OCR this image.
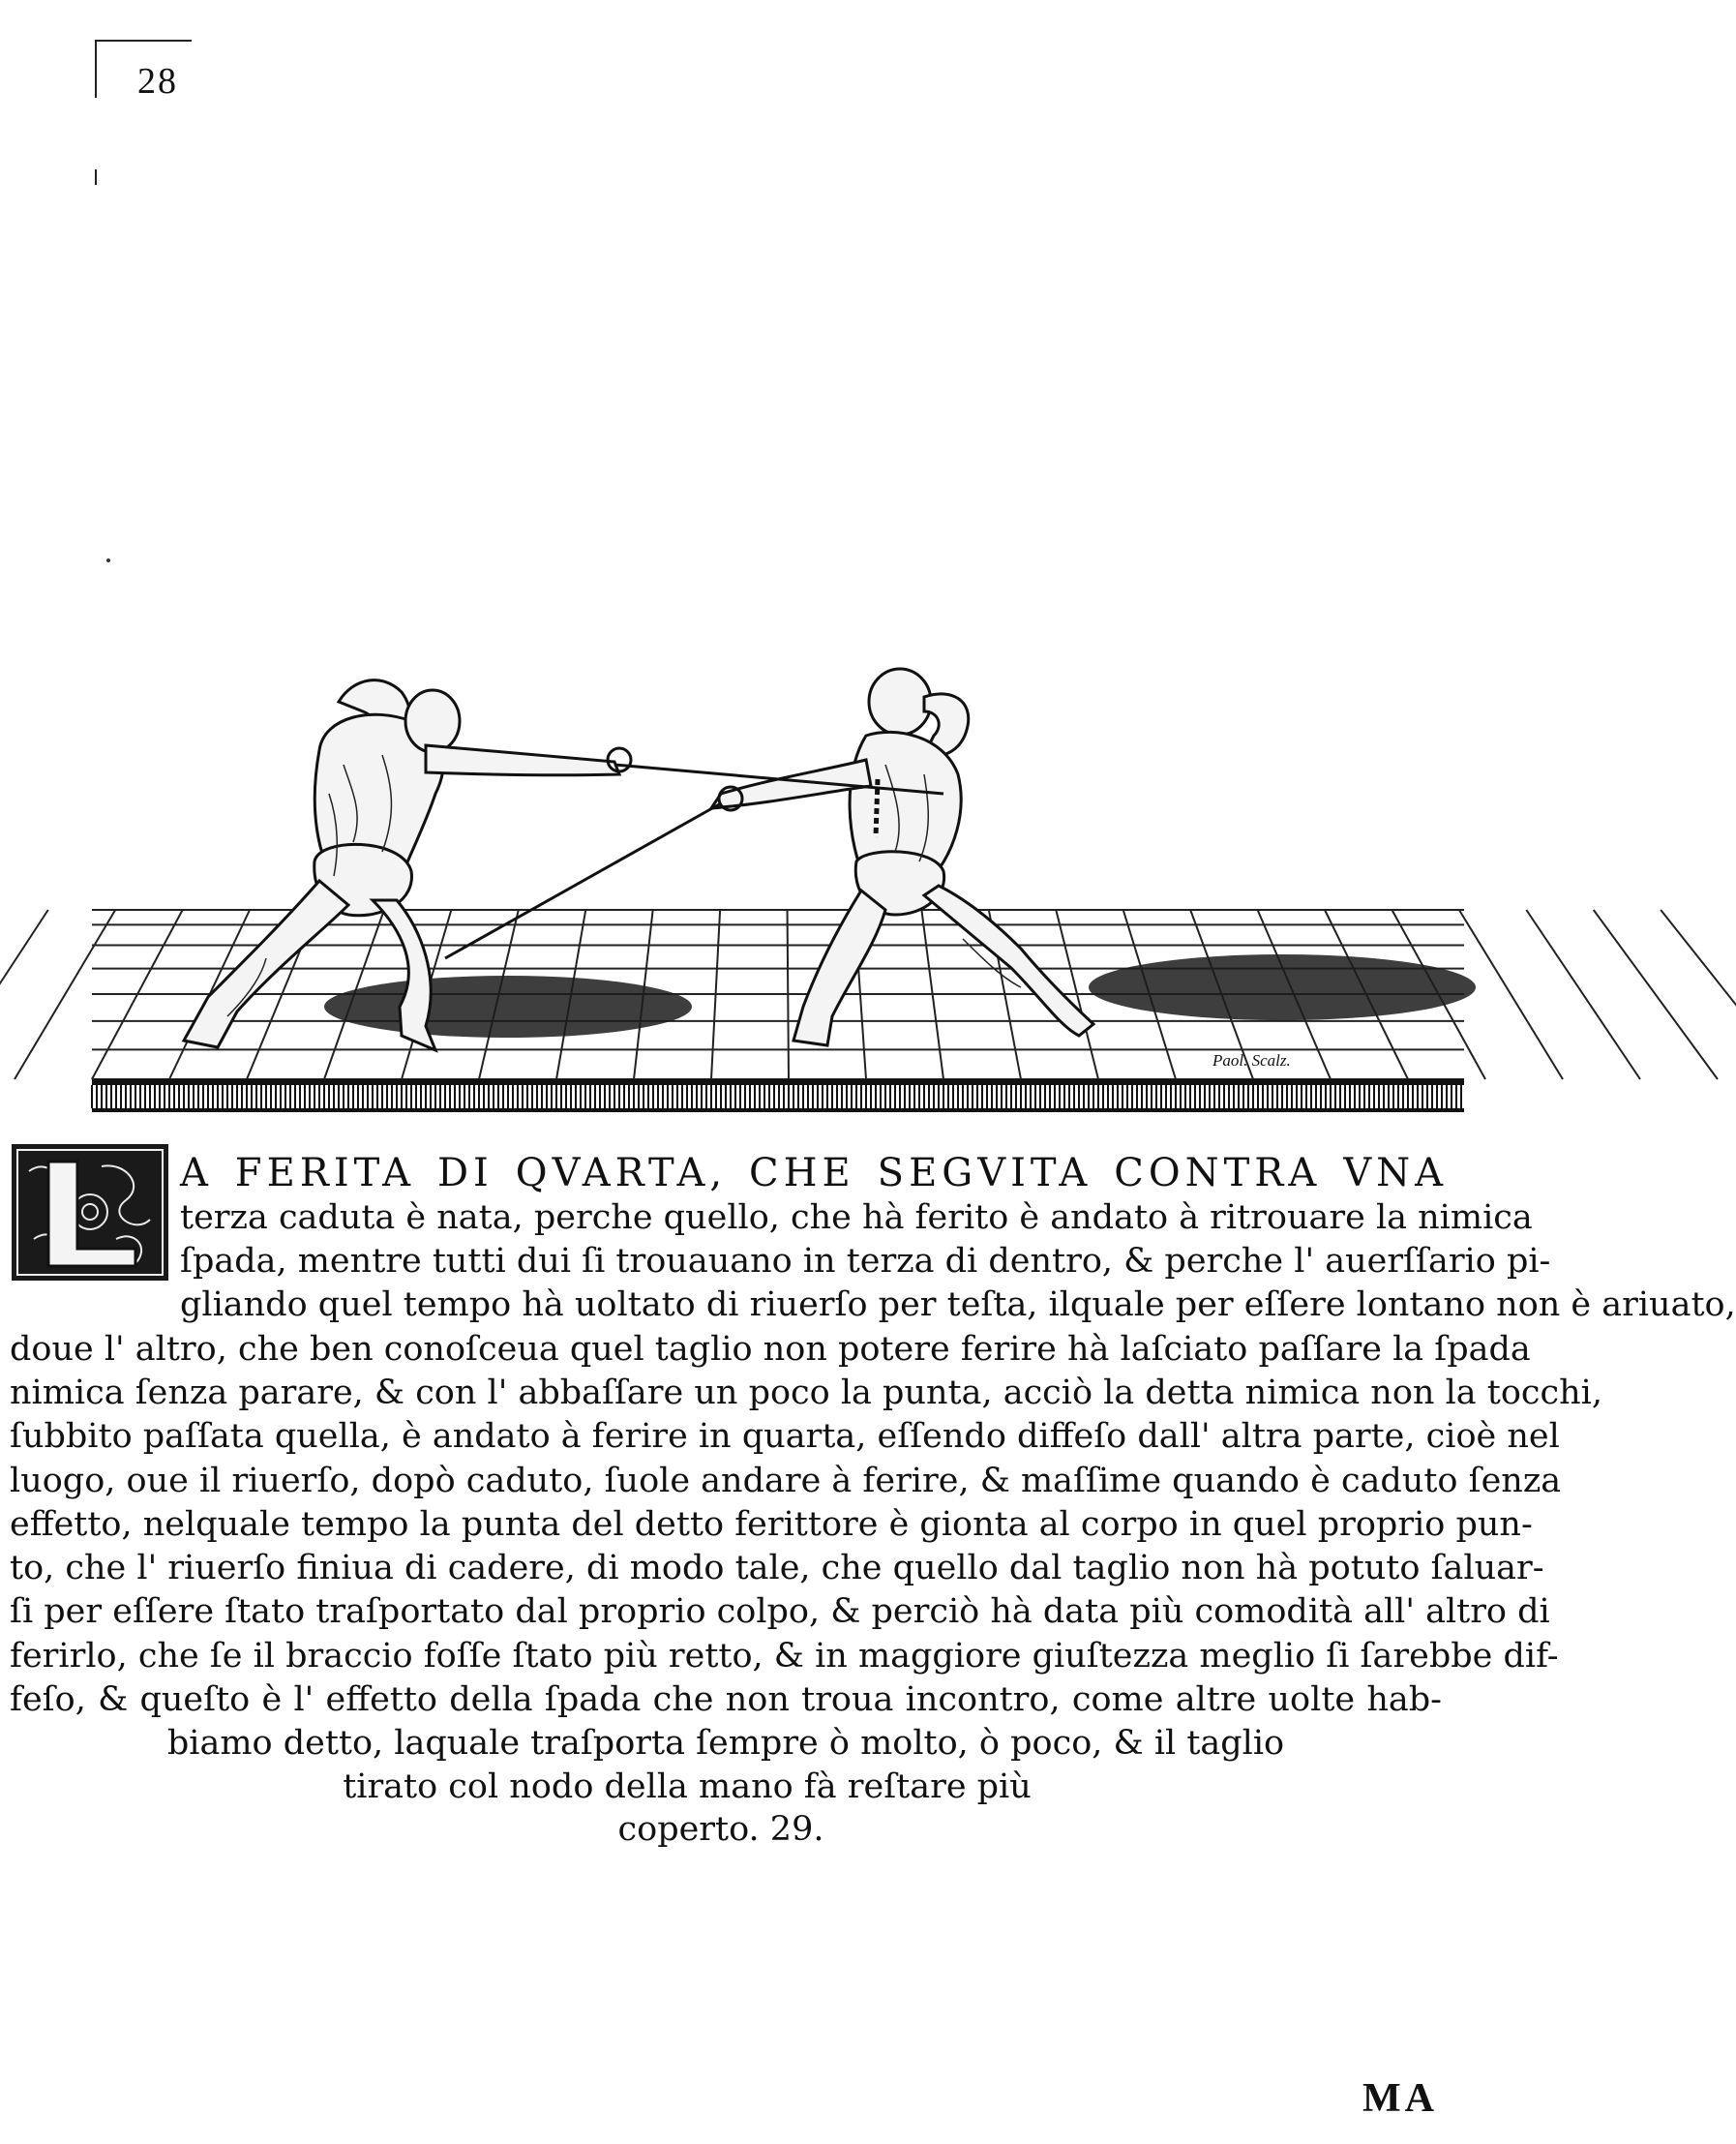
28
Paol. Scalz.
A FERITA DI QVARTA, CHE SEGVITA CONTRA VNA
terza caduta è nata, perche quello, che hà ferito è andato à ritrouare la nimica
ſpada, mentre tutti dui ſi trouauano in terza di dentro, & perche l' auerſſario pi-
gliando quel tempo hà uoltato di riuerſo per teſta, ilquale per eſſere lontano non è ariuato,
doue l' altro, che ben conoſceua quel taglio non potere ferire hà laſciato paſſare la ſpada
nimica ſenza parare, & con l' abbaſſare un poco la punta, acciò la detta nimica non la tocchi,
ſubbito paſſata quella, è andato à ferire in quarta, eſſendo diffeſo dall' altra parte, cioè nel
luogo, oue il riuerſo, dopò caduto, ſuole andare à ferire, & maſſime quando è caduto ſenza
effetto, nelquale tempo la punta del detto ferittore è gionta al corpo in quel proprio pun-
to, che l' riuerſo finiua di cadere, di modo tale, che quello dal taglio non hà potuto ſaluar-
ſi per eſſere ſtato traſportato dal proprio colpo, & perciò hà data più comodità all' altro di
ferirlo, che ſe il braccio foſſe ſtato più retto, & in maggiore giuſtezza meglio ſi ſarebbe dif-
feſo, & queſto è l' effetto della ſpada che non troua incontro, come altre uolte hab-
biamo detto, laquale traſporta ſempre ò molto, ò poco, & il taglio
tirato col nodo della mano fà reſtare più
coperto. 29.
MA
